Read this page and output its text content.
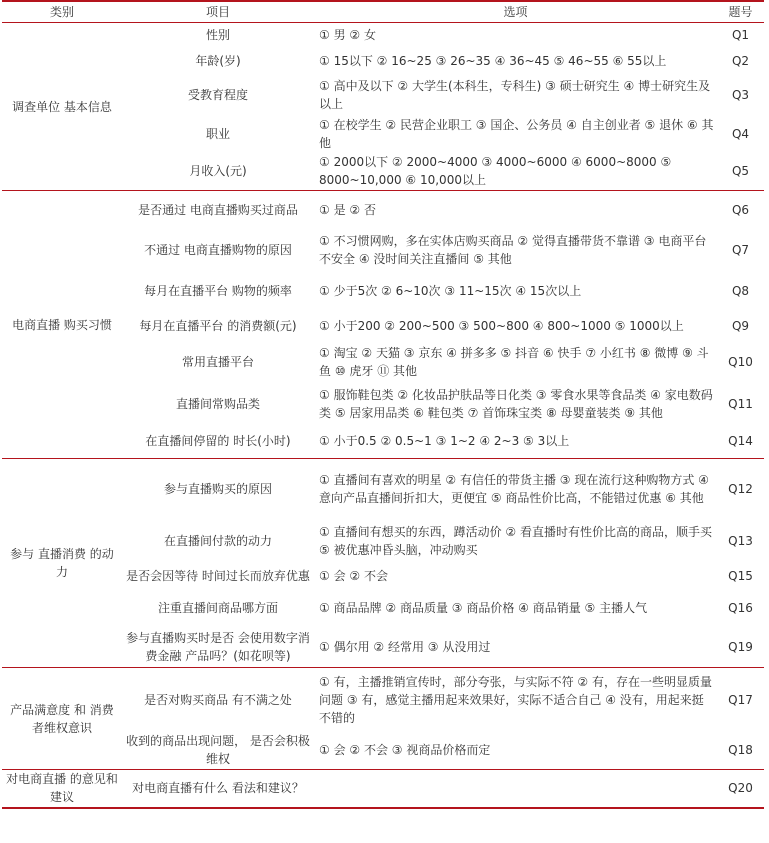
类别	项目	选项	题号
调查单位 基本信息	性别	① 男 ② 女	Q1
	年龄(岁)	① 15以下 ② 16~25 ③ 26~35 ④ 36~45 ⑤ 46~55 ⑥ 55以上	Q2
	受教育程度	① 高中及以下 ② 大学生(本科生，专科生) ③ 硕士研究生 ④ 博士研究生及以上	Q3
	职业	① 在校学生 ② 民营企业职工 ③ 国企、公务员 ④ 自主创业者 ⑤ 退休 ⑥ 其他	Q4
	月收入(元)	① 2000以下 ② 2000~4000 ③ 4000~6000 ④ 6000~8000 ⑤ 8000~10,000 ⑥ 10,000以上	Q5
电商直播 购买习惯	是否通过 电商直播购买过商品	① 是 ② 否	Q6
	不通过 电商直播购物的原因	① 不习惯网购，多在实体店购买商品 ② 觉得直播带货不靠谱 ③ 电商平台不安全 ④ 没时间关注直播间 ⑤ 其他	Q7
	每月在直播平台 购物的频率	① 少于5次 ② 6~10次 ③ 11~15次 ④ 15次以上	Q8
	每月在直播平台 的消费额(元)	① 小于200 ② 200~500 ③ 500~800 ④ 800~1000 ⑤ 1000以上	Q9
	常用直播平台	① 淘宝 ② 天猫 ③ 京东 ④ 拼多多 ⑤ 抖音 ⑥ 快手 ⑦ 小红书 ⑧ 微博 ⑨ 斗鱼 ⑩ 虎牙 ⑪ 其他	Q10
	直播间常购品类	① 服饰鞋包类 ② 化妆品护肤品等日化类 ③ 零食水果等食品类 ④ 家电数码类 ⑤ 居家用品类 ⑥ 鞋包类 ⑦ 首饰珠宝类 ⑧ 母婴童装类 ⑨ 其他	Q11
	在直播间停留的 时长(小时)	① 小于0.5 ② 0.5~1 ③ 1~2 ④ 2~3 ⑤ 3以上	Q14
参与 直播消费 的动力	参与直播购买的原因	① 直播间有喜欢的明星 ② 有信任的带货主播 ③ 现在流行这种购物方式 ④ 意向产品直播间折扣大，更便宜 ⑤ 商品性价比高，不能错过优惠 ⑥ 其他	Q12
	在直播间付款的动力	① 直播间有想买的东西，蹲活动价 ② 看直播时有性价比高的商品，顺手买 ⑤ 被优惠冲昏头脑，冲动购买	Q13
	是否会因等待 时间过长而放弃优惠	① 会 ② 不会	Q15
	注重直播间商品哪方面	① 商品品牌 ② 商品质量 ③ 商品价格 ④ 商品销量 ⑤ 主播人气	Q16
	参与直播购买时是否 会使用数字消费金融 产品吗？(如花呗等)	① 偶尔用 ② 经常用 ③ 从没用过	Q19
产品满意度 和 消费者维权意识	是否对购买商品 有不满之处	① 有，主播推销宣传时，部分夸张，与实际不符 ② 有，存在一些明显质量问题 ③ 有，感觉主播用起来效果好，实际不适合自己 ④ 没有，用起来挺不错的	Q17
	收到的商品出现问题， 是否会积极维权	① 会 ② 不会 ③ 视商品价格而定	Q18
对电商直播 的意见和建议	对电商直播有什么 看法和建议？		Q20
